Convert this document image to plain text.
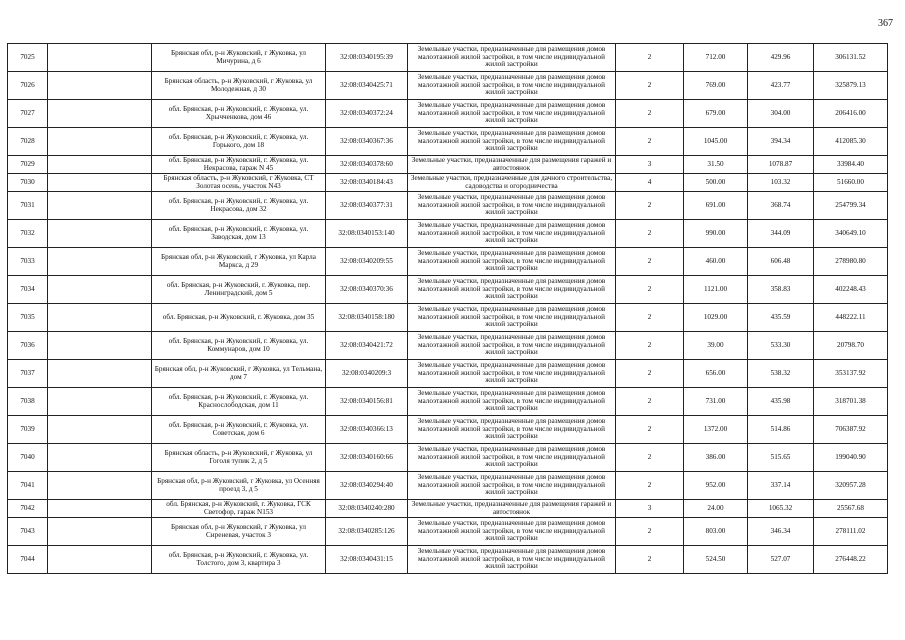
367
7025		Брянская обл, р-н Жуковский, г Жуковка, ул Мичурина, д 6	32:08:0340195:39	Земельные участки, предназначенные для размещения домов малоэтажной жилой застройки, в том числе индивидуальной жилой застройки	2	712.00	429.96	306131.52
7026		Брянская область, р-н Жуковский, г Жуковка, ул Молодежная, д 30	32:08:0340425:71	Земельные участки, предназначенные для размещения домов малоэтажной жилой застройки, в том числе индивидуальной жилой застройки	2	769.00	423.77	325879.13
7027		обл. Брянская, р-н Жуковский, г. Жуковка, ул. Хрычченкова, дом 46	32:08:0340372:24	Земельные участки, предназначенные для размещения домов малоэтажной жилой застройки, в том числе индивидуальной жилой застройки	2	679.00	304.00	206416.00
7028		обл. Брянская, р-н Жуковский, г. Жуковка, ул. Горького, дом 18	32:08:0340367:36	Земельные участки, предназначенные для размещения домов малоэтажной жилой застройки, в том числе индивидуальной жилой застройки	2	1045.00	394.34	412085.30
7029		обл. Брянская, р-н Жуковский, г. Жуковка, ул. Некрасова, гараж N 45	32:08:0340378:60	Земельные участки, предназначенные для размещения гаражей и автостоянок	3	31.50	1078.87	33984.40
7030		Брянская область, р-н Жуковский, г Жуковка, СТ Золотая осень, участок N43	32:08:0340184:43	Земельные участки, предназначенные для дачного строительства, садоводства и огородничества	4	500.00	103.32	51660.00
7031		обл. Брянская, р-н Жуковский, г. Жуковка, ул. Некрасова, дом 32	32:08:0340377:31	Земельные участки, предназначенные для размещения домов малоэтажной жилой застройки, в том числе индивидуальной жилой застройки	2	691.00	368.74	254799.34
7032		обл. Брянская, р-н Жуковский, г. Жуковка, ул. Заводская, дом 13	32:08:0340153:140	Земельные участки, предназначенные для размещения домов малоэтажной жилой застройки, в том числе индивидуальной жилой застройки	2	990.00	344.09	340649.10
7033		Брянская обл, р-н Жуковский, г Жуковка, ул Карла Маркса, д 29	32:08:0340209:55	Земельные участки, предназначенные для размещения домов малоэтажной жилой застройки, в том числе индивидуальной жилой застройки	2	460.00	606.48	278980.80
7034		обл. Брянская, р-н Жуковский, г. Жуковка, пер. Ленинградский, дом 5	32:08:0340370:36	Земельные участки, предназначенные для размещения домов малоэтажной жилой застройки, в том числе индивидуальной жилой застройки	2	1121.00	358.83	402248.43
7035		обл. Брянская, р-н Жуковский, г. Жуковка, дом 35	32:08:0340158:180	Земельные участки, предназначенные для размещения домов малоэтажной жилой застройки, в том числе индивидуальной жилой застройки	2	1029.00	435.59	448222.11
7036		обл. Брянская, р-н Жуковский, г. Жуковка, ул. Коммунаров, дом 10	32:08:0340421:72	Земельные участки, предназначенные для размещения домов малоэтажной жилой застройки, в том числе индивидуальной жилой застройки	2	39.00	533.30	20798.70
7037		Брянская обл, р-н Жуковский, г Жуковка, ул Тельмана, дом 7	32:08:0340209:3	Земельные участки, предназначенные для размещения домов малоэтажной жилой застройки, в том числе индивидуальной жилой застройки	2	656.00	538.32	353137.92
7038		обл. Брянская, р-н Жуковский, г. Жуковка, ул. Краснослободская, дом 11	32:08:0340156:81	Земельные участки, предназначенные для размещения домов малоэтажной жилой застройки, в том числе индивидуальной жилой застройки	2	731.00	435.98	318701.38
7039		обл. Брянская, р-н Жуковский, г. Жуковка, ул. Советская, дом 6	32:08:0340366:13	Земельные участки, предназначенные для размещения домов малоэтажной жилой застройки, в том числе индивидуальной жилой застройки	2	1372.00	514.86	706387.92
7040		Брянская область, р-н Жуковский, г Жуковка, ул Гоголя тупик 2, д 5	32:08:0340160:66	Земельные участки, предназначенные для размещения домов малоэтажной жилой застройки, в том числе индивидуальной жилой застройки	2	386.00	515.65	199040.90
7041		Брянская обл, р-н Жуковский, г Жуковка, ул Осенняя проезд 3, д 5	32:08:0340294:40	Земельные участки, предназначенные для размещения домов малоэтажной жилой застройки, в том числе индивидуальной жилой застройки	2	952.00	337.14	320957.28
7042		обл. Брянская, р-н Жуковский, г. Жуковка, ГСК Светофор, гараж N153	32:08:0340240:280	Земельные участки, предназначенные для размещения гаражей и автостоянок	3	24.00	1065.32	25567.68
7043		Брянская обл, р-н Жуковский, г Жуковка, ул Сиреневая, участок 3	32:08:0340285:126	Земельные участки, предназначенные для размещения домов малоэтажной жилой застройки, в том числе индивидуальной жилой застройки	2	803.00	346.34	278111.02
7044		обл. Брянская, р-н Жуковский, г. Жуковка, ул. Толстого, дом 3, квартира 3	32:08:0340431:15	Земельные участки, предназначенные для размещения домов малоэтажной жилой застройки, в том числе индивидуальной жилой застройки	2	524.50	527.07	276448.22
